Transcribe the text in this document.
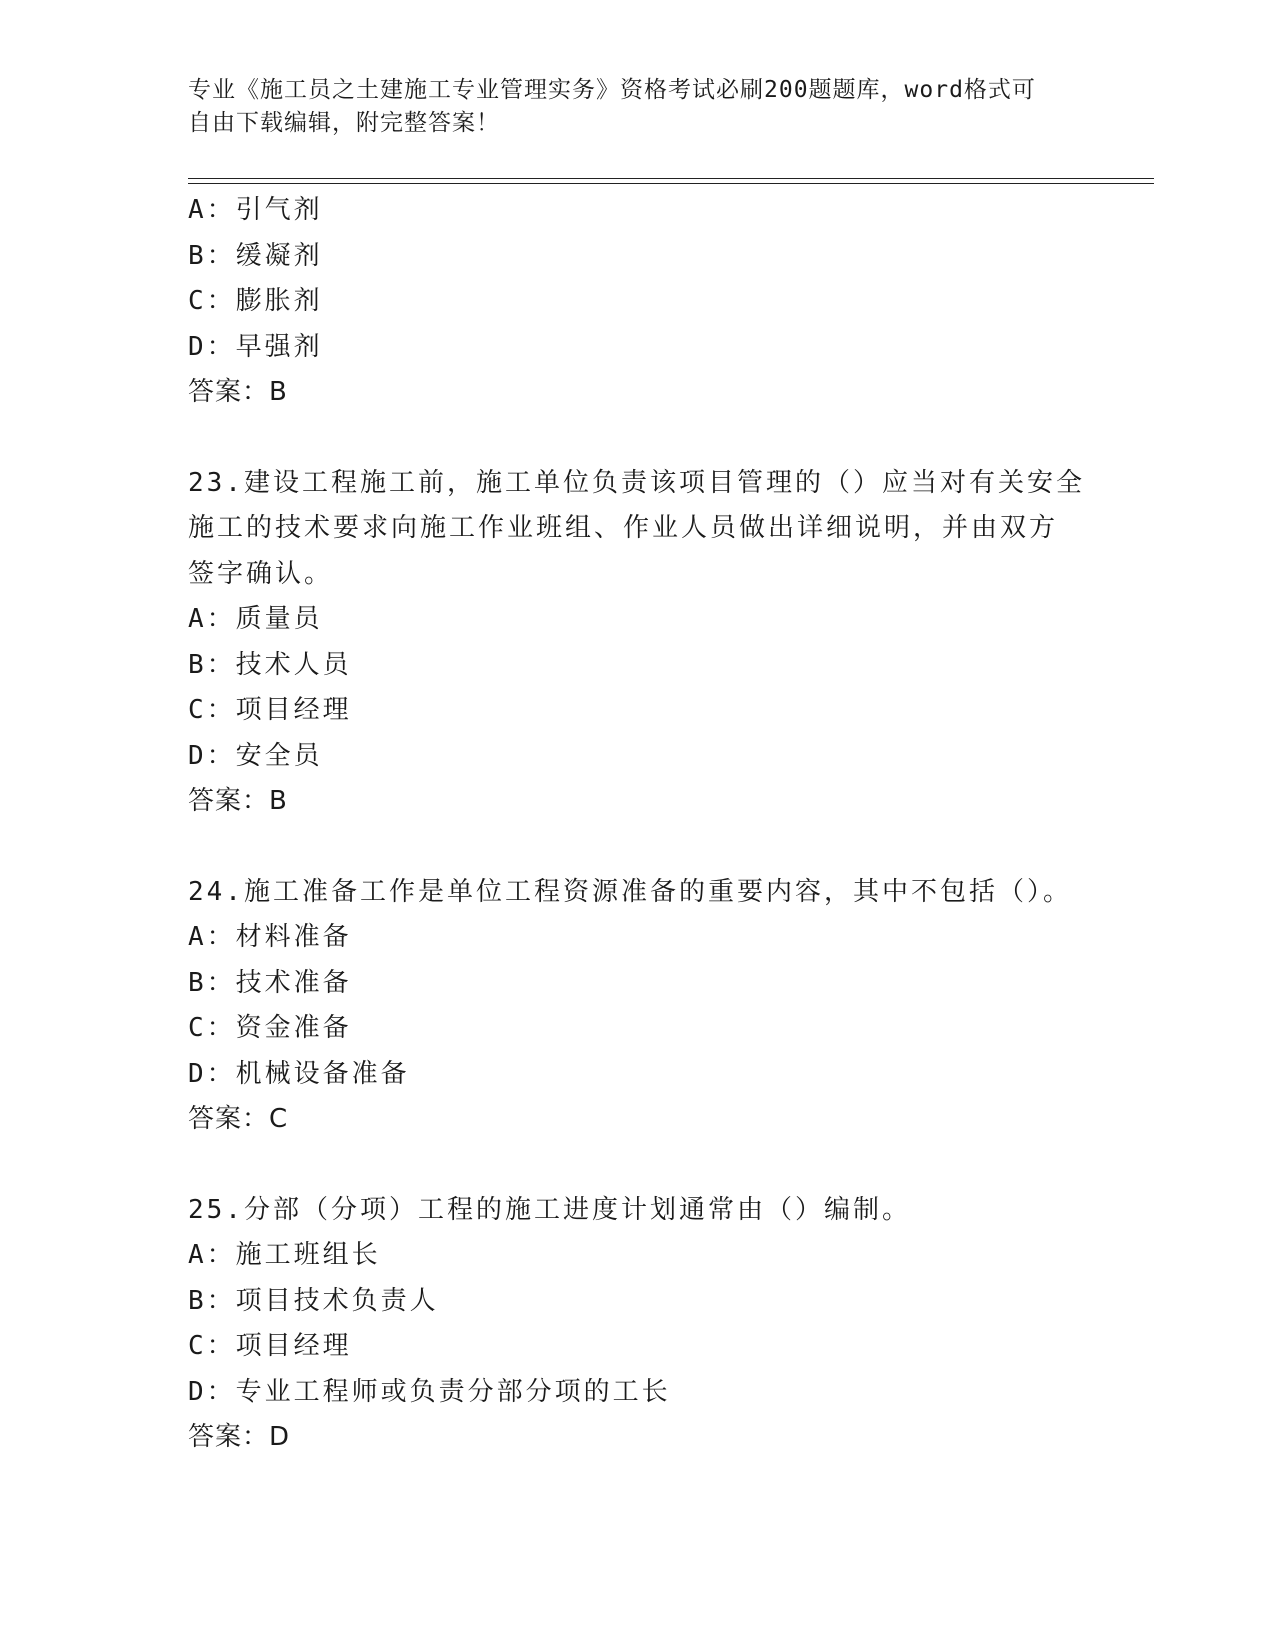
专业《施工员之土建施工专业管理实务》资格考试必刷200题题库，word格式可
自由下载编辑，附完整答案！
A：引气剂
B：缓凝剂
C：膨胀剂
D：早强剂
答案：B
23.建设工程施工前，施工单位负责该项目管理的（）应当对有关安全
施工的技术要求向施工作业班组、作业人员做出详细说明，并由双方
签字确认。
A：质量员
B：技术人员
C：项目经理
D：安全员
答案：B
24.施工准备工作是单位工程资源准备的重要内容，其中不包括（）。
A：材料准备
B：技术准备
C：资金准备
D：机械设备准备
答案：C
25.分部（分项）工程的施工进度计划通常由（）编制。
A：施工班组长
B：项目技术负责人
C：项目经理
D：专业工程师或负责分部分项的工长
答案：D
